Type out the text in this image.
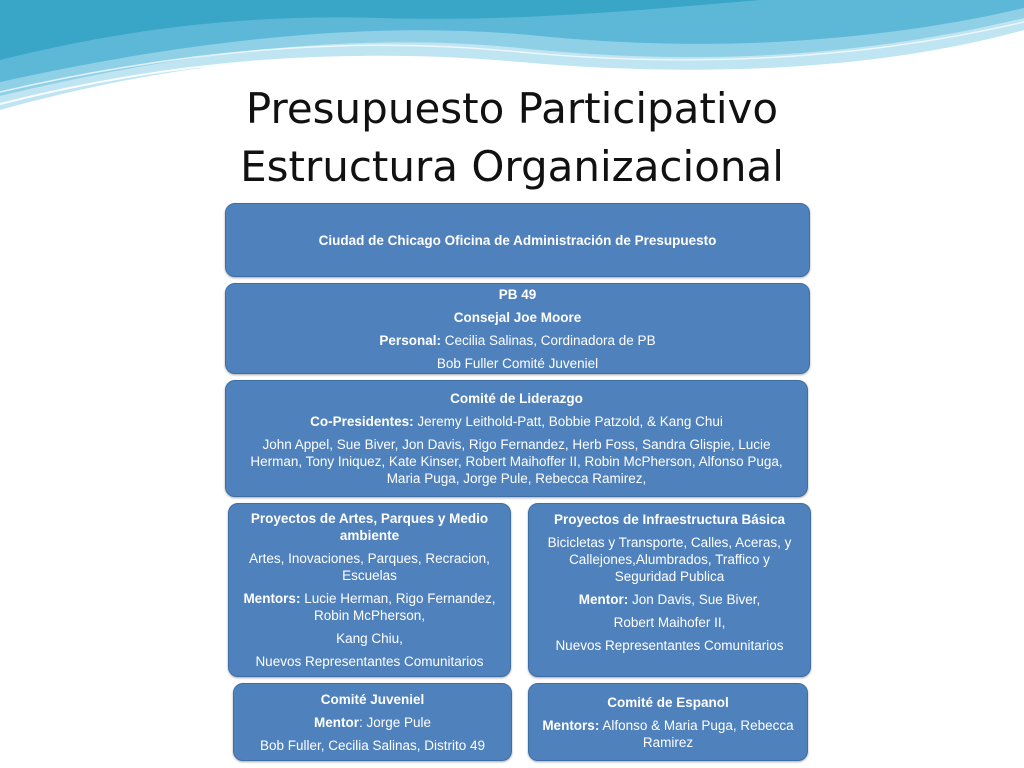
Presupuesto Participativo
Estructura Organizacional

Ciudad de Chicago Oficina de Administración de Presupuesto

PB 49

Consejal Joe Moore

Personal: Cecilia Salinas, Cordinadora de PB

Bob Fuller Comité Juveniel

Comité de Liderazgo

Co-Presidentes: Jeremy Leithold-Patt, Bobbie Patzold, & Kang Chui

John Appel, Sue Biver, Jon Davis, Rigo Fernandez, Herb Foss, Sandra Glispie, Lucie Herman, Tony Iniquez, Kate Kinser, Robert Maihoffer II, Robin McPherson, Alfonso Puga, Maria Puga, Jorge Pule, Rebecca Ramirez,

Proyectos de Artes, Parques y Medio ambiente

Artes, Inovaciones, Parques, Recracion, Escuelas

Mentors: Lucie Herman, Rigo Fernandez, Robin McPherson,

Kang Chiu,

Nuevos Representantes Comunitarios

Proyectos de Infraestructura Básica

Bicicletas y Transporte, Calles, Aceras, y Callejones,Alumbrados, Traffico y Seguridad Publica

Mentor: Jon Davis, Sue Biver,

Robert Maihofer II,

Nuevos Representantes Comunitarios

Comité Juveniel

Mentor: Jorge Pule

Bob Fuller, Cecilia Salinas, Distrito 49

Comité de Espanol

Mentors: Alfonso & Maria Puga, Rebecca Ramirez
